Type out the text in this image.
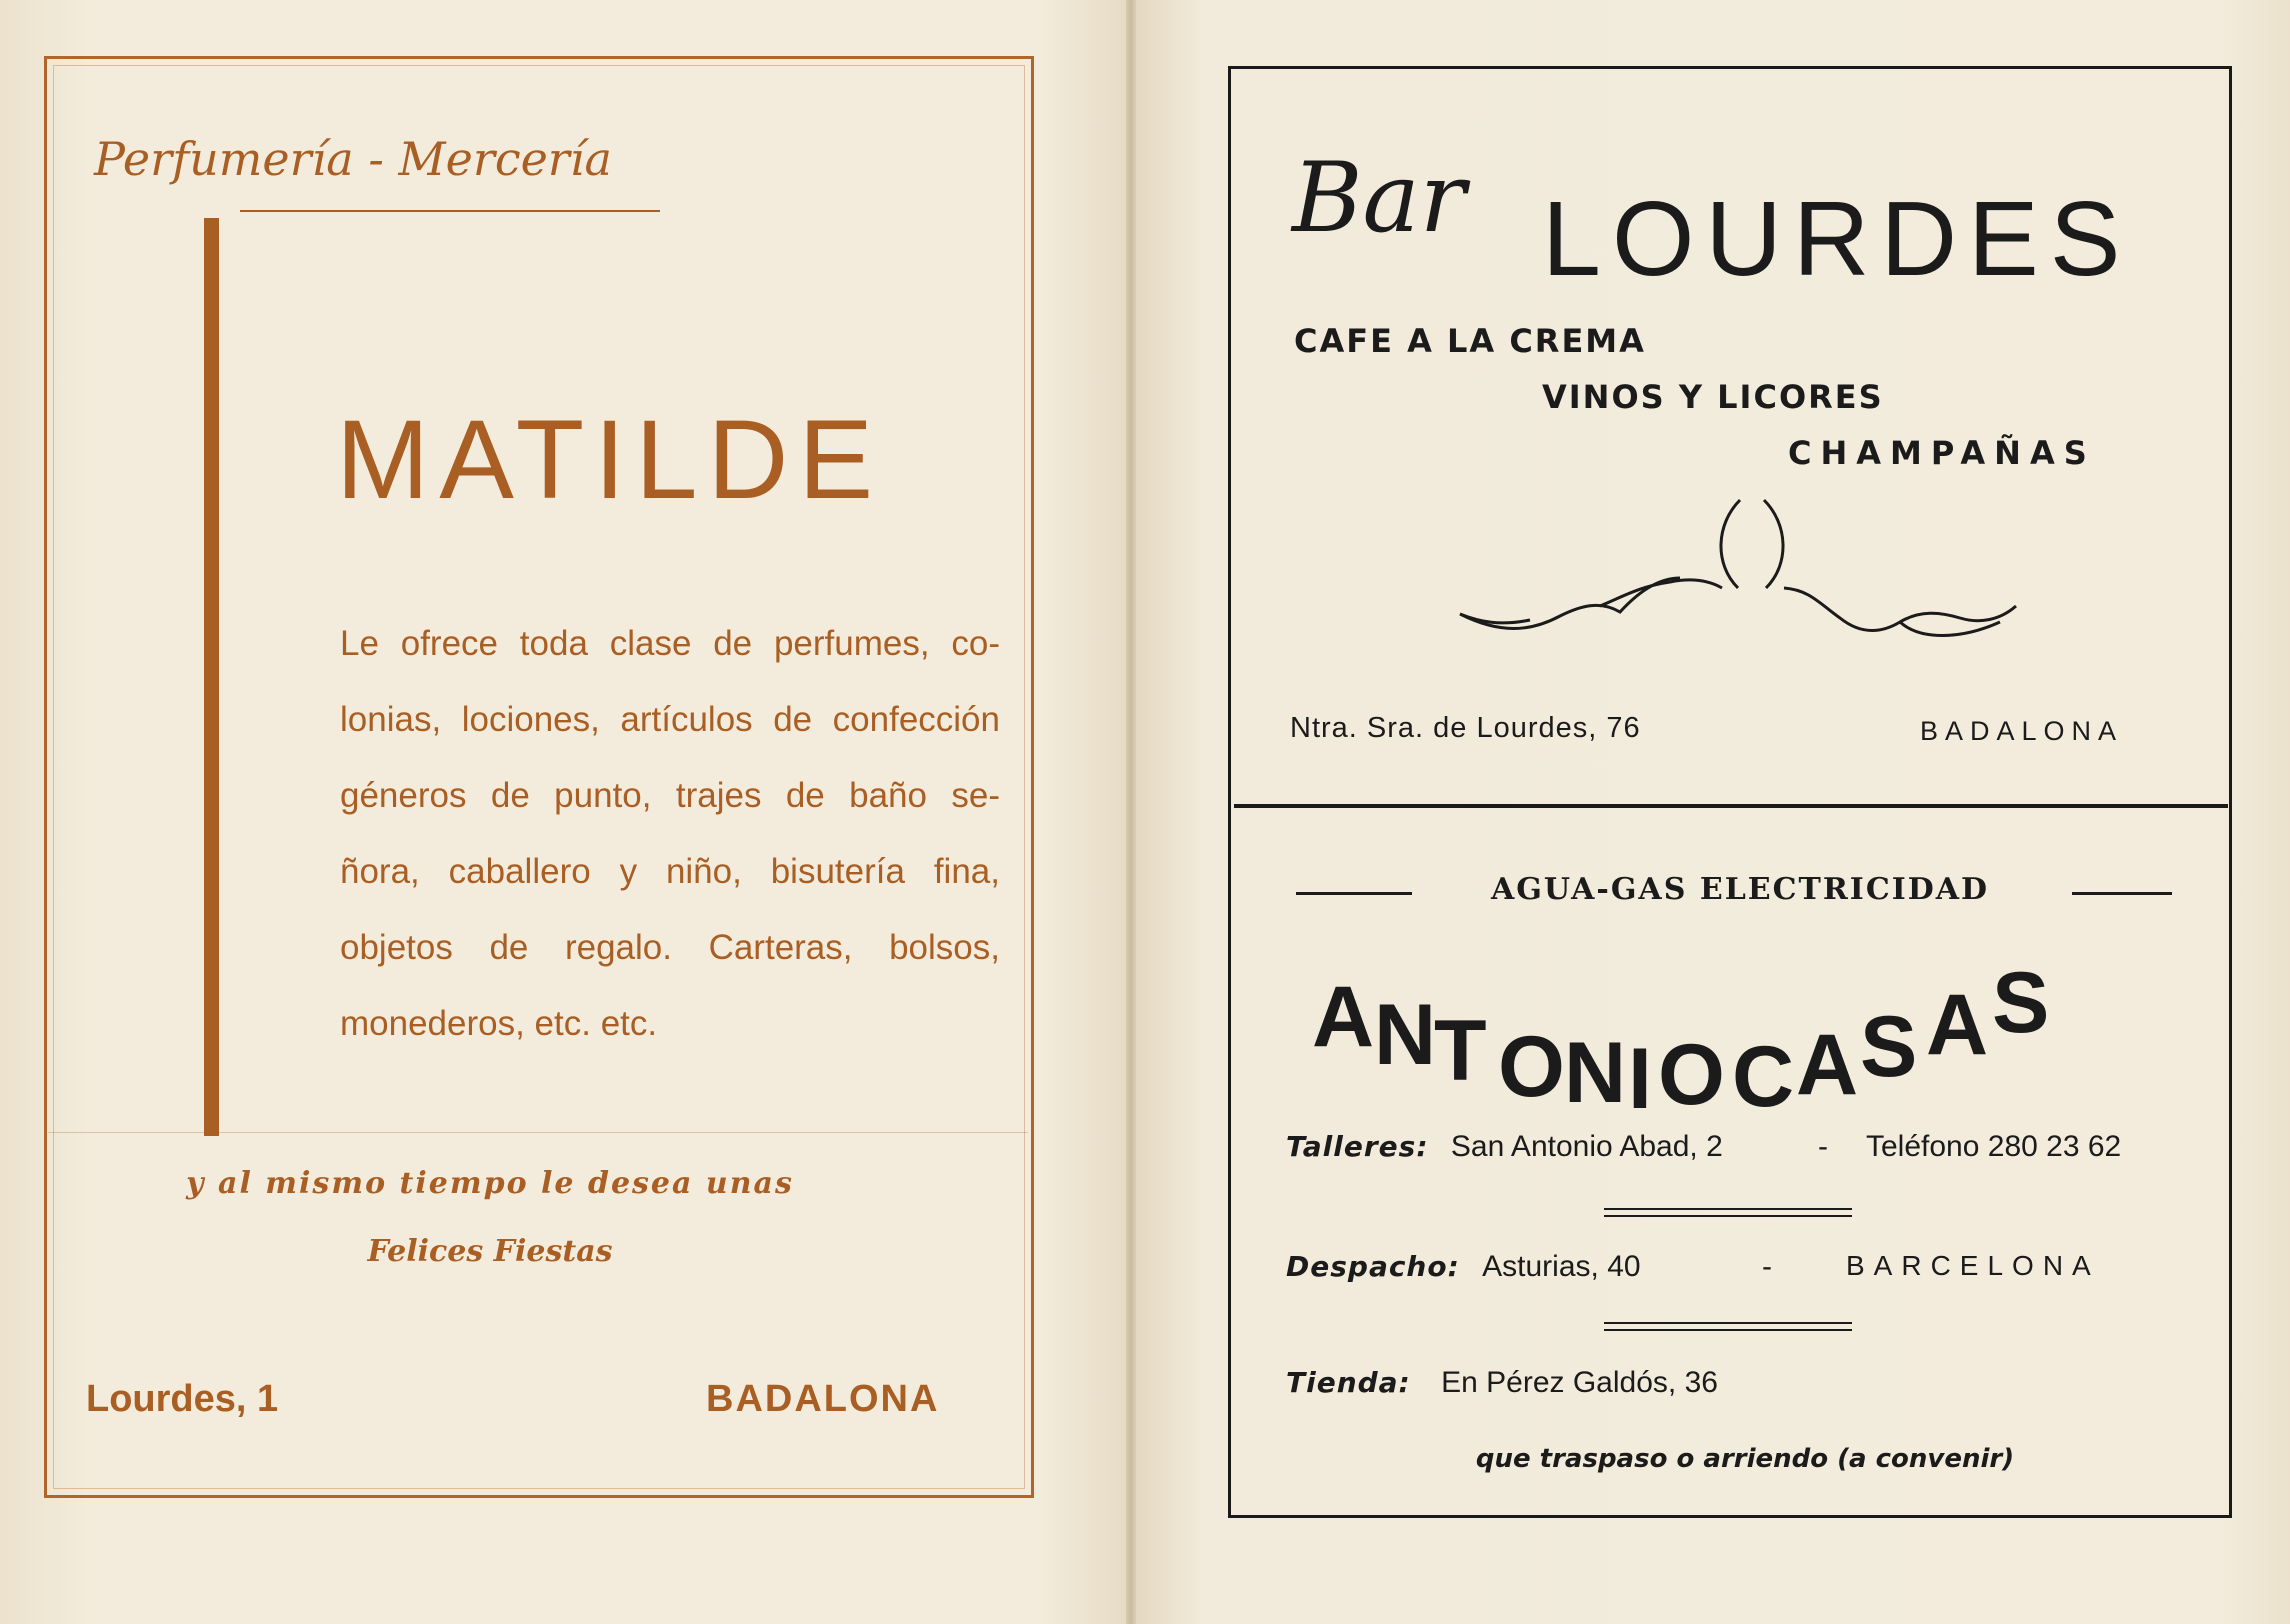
Perfumería - Mercería
MATILDE
Le ofrece toda clase de perfumes, co-
lonias, lociones, artículos de confección
géneros de punto, trajes de baño se-
ñora, caballero y niño, bisutería fina,
objetos de regalo. Carteras, bolsos,
monederos, etc. etc.
y al mismo tiempo le desea unas
Felices Fiestas
Lourdes, 1	BADALONA
Bar LOURDES
CAFE A LA CREMA
VINOS Y LICORES
CHAMPAÑAS
Ntra. Sra. de Lourdes, 76	BADALONA
AGUA-GAS ELECTRICIDAD
A N
T O N I O C A S A S
Talleres: San Antonio Abad, 2	- Teléfono 280 23 62
Despacho: Asturias, 40	-	BARCELONA
Tienda: En Pérez Galdós, 36
que traspaso o arriendo (a convenir)
